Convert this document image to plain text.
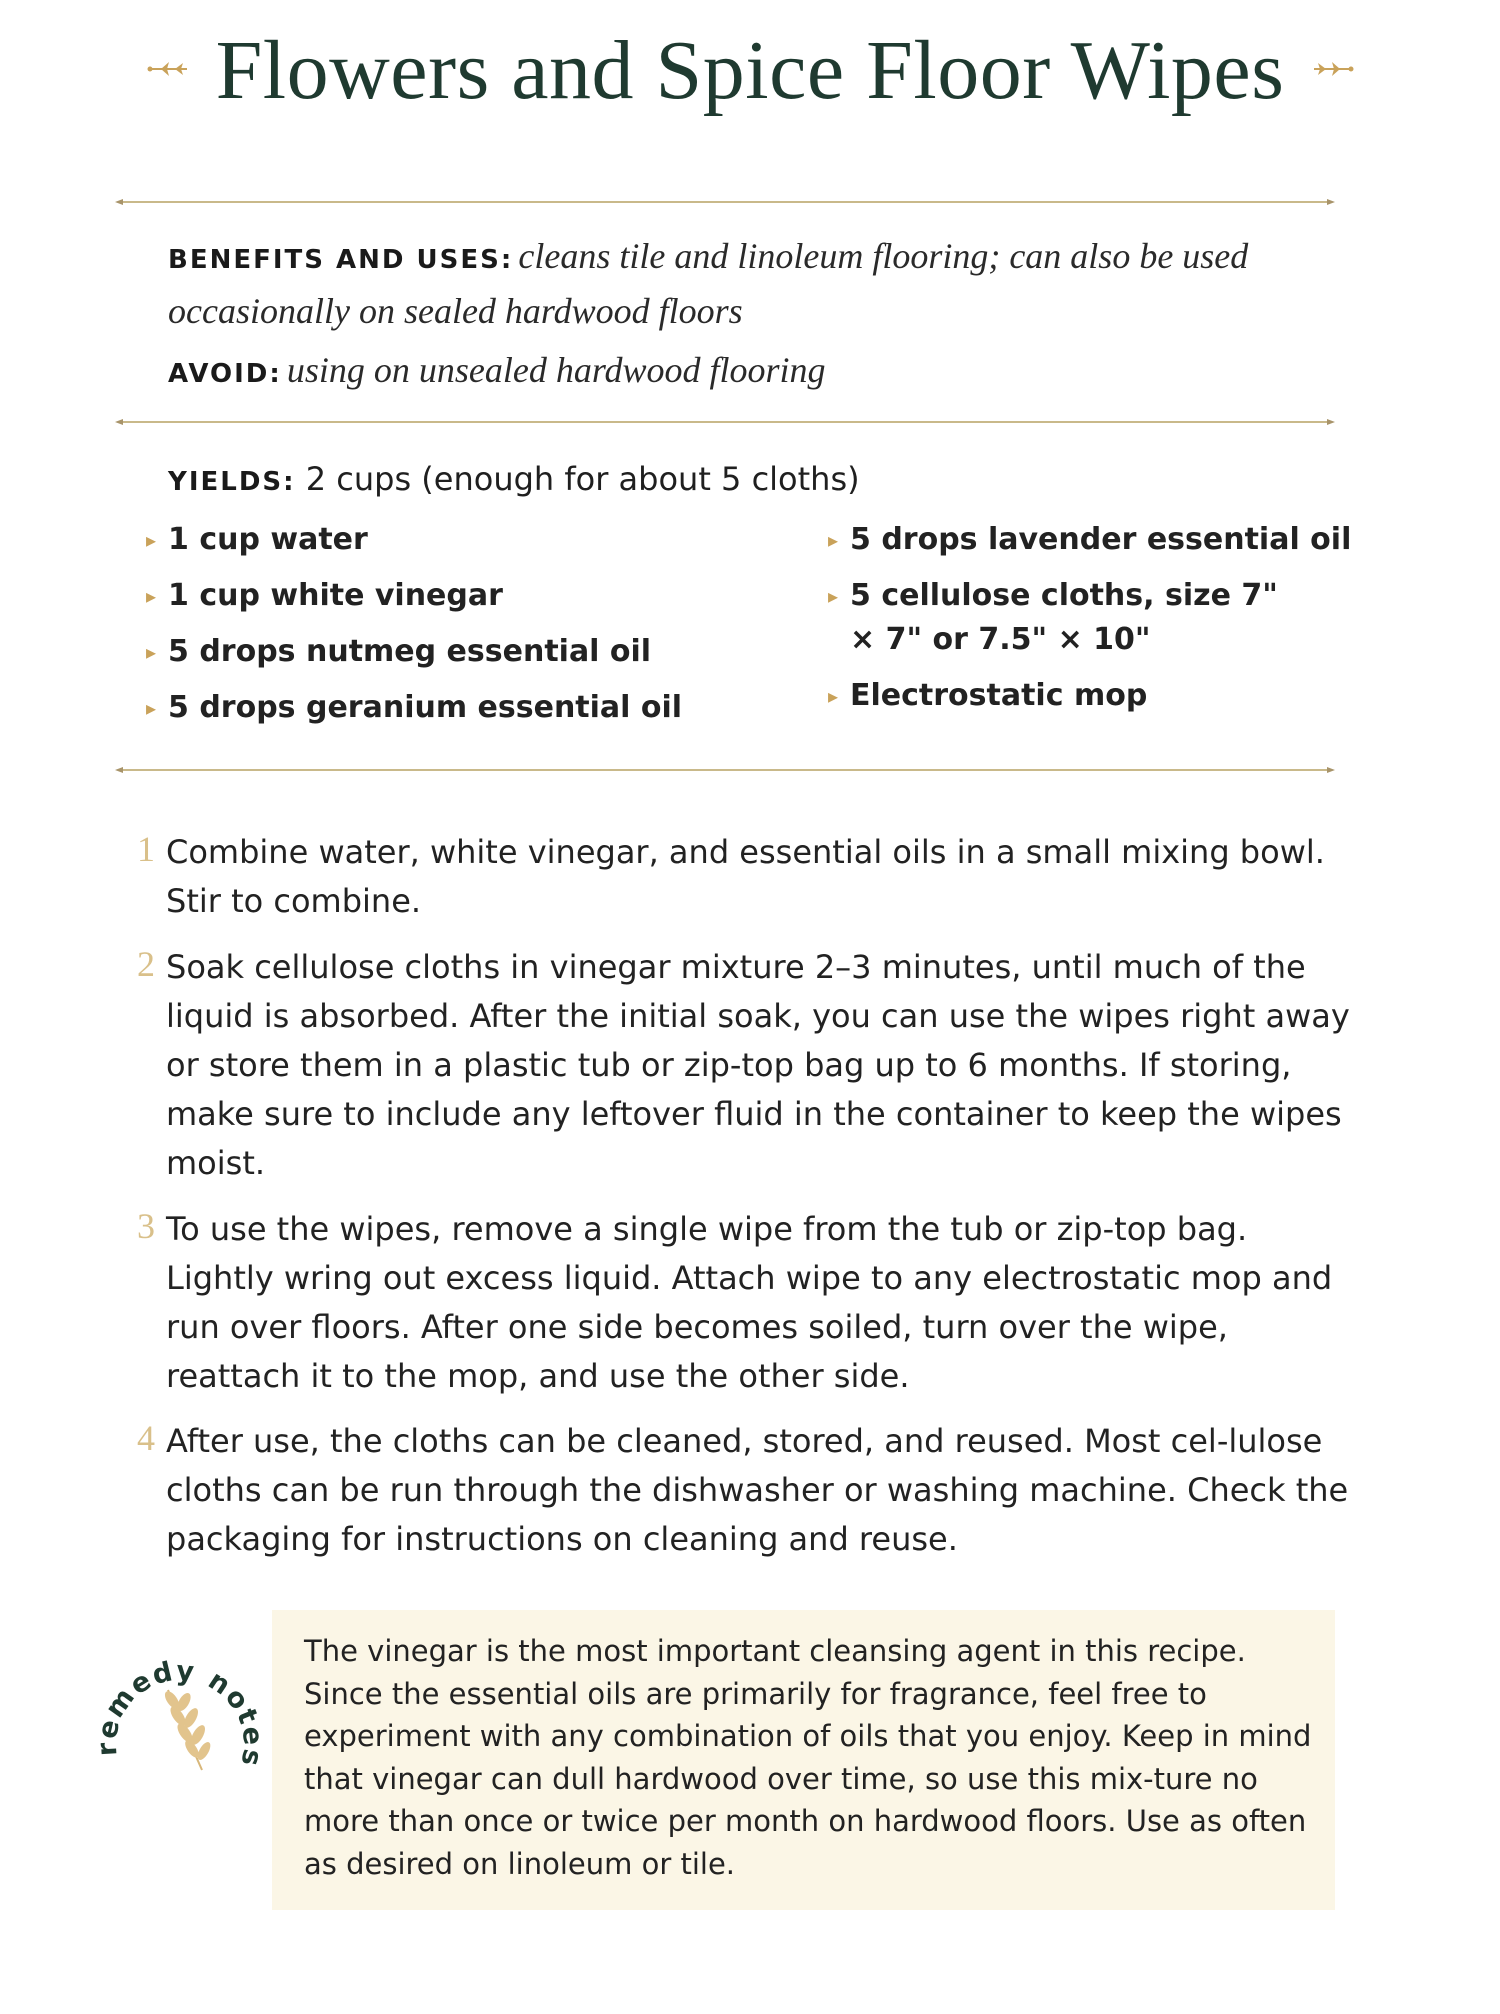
Flowers and Spice Floor Wipes
BENEFITS AND USES: cleans tile and linoleum flooring; can also be used occasionally on sealed hardwood floors
AVOID: using on unsealed hardwood flooring
YIELDS: 2 cups (enough for about 5 cloths)
▸ 1 cup water
▸ 1 cup white vinegar
▸ 5 drops nutmeg essential oil
▸ 5 drops geranium essential oil
▸ 5 drops lavender essential oil
▸ 5 cellulose cloths, size 7" × 7" or 7.5" × 10"
▸ Electrostatic mop
1 Combine water, white vinegar, and essential oils in a small mixing bowl. Stir to combine.
2 Soak cellulose cloths in vinegar mixture 2–3 minutes, until much of the liquid is absorbed. After the initial soak, you can use the wipes right away or store them in a plastic tub or zip-top bag up to 6 months. If storing, make sure to include any leftover fluid in the container to keep the wipes moist.
3 To use the wipes, remove a single wipe from the tub or zip-top bag. Lightly wring out excess liquid. Attach wipe to any electrostatic mop and run over floors. After one side becomes soiled, turn over the wipe, reattach it to the mop, and use the other side.
4 After use, the cloths can be cleaned, stored, and reused. Most cel-lulose cloths can be run through the dishwasher or washing machine. Check the packaging for instructions on cleaning and reuse.
remedy notes
The vinegar is the most important cleansing agent in this recipe. Since the essential oils are primarily for fragrance, feel free to experiment with any combination of oils that you enjoy. Keep in mind that vinegar can dull hardwood over time, so use this mix-ture no more than once or twice per month on hardwood floors. Use as often as desired on linoleum or tile.
